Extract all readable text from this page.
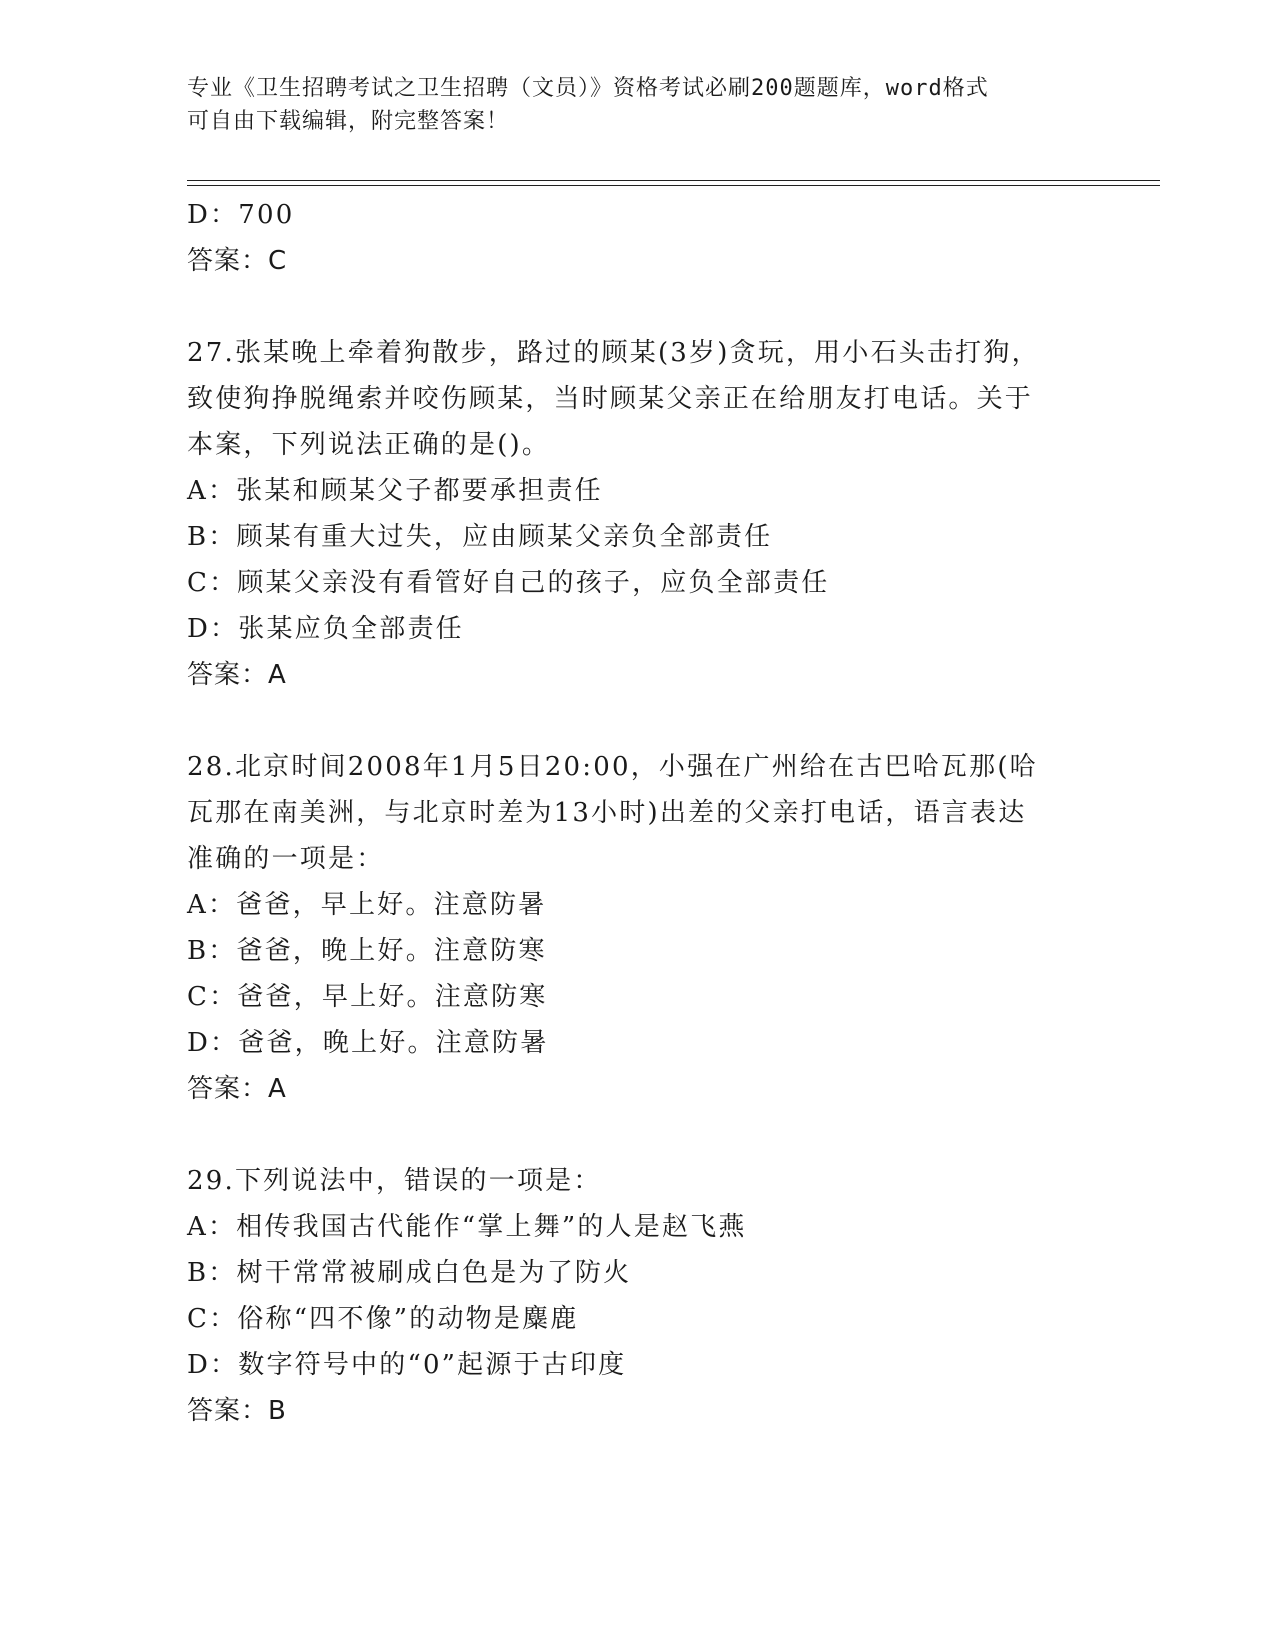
专业《卫生招聘考试之卫生招聘（文员）》资格考试必刷200题题库，word格式
可自由下载编辑，附完整答案！
D：700
答案：C
27.张某晚上牵着狗散步，路过的顾某(3岁)贪玩，用小石头击打狗，
致使狗挣脱绳索并咬伤顾某，当时顾某父亲正在给朋友打电话。关于
本案，下列说法正确的是()。
A：张某和顾某父子都要承担责任
B：顾某有重大过失，应由顾某父亲负全部责任
C：顾某父亲没有看管好自己的孩子，应负全部责任
D：张某应负全部责任
答案：A
28.北京时间2008年1月5日20:00，小强在广州给在古巴哈瓦那(哈
瓦那在南美洲，与北京时差为13小时)出差的父亲打电话，语言表达
准确的一项是：
A：爸爸，早上好。注意防暑
B：爸爸，晚上好。注意防寒
C：爸爸，早上好。注意防寒
D：爸爸，晚上好。注意防暑
答案：A
29.下列说法中，错误的一项是：
A：相传我国古代能作“掌上舞”的人是赵飞燕
B：树干常常被刷成白色是为了防火
C：俗称“四不像”的动物是麋鹿
D：数字符号中的“0”起源于古印度
答案：B
